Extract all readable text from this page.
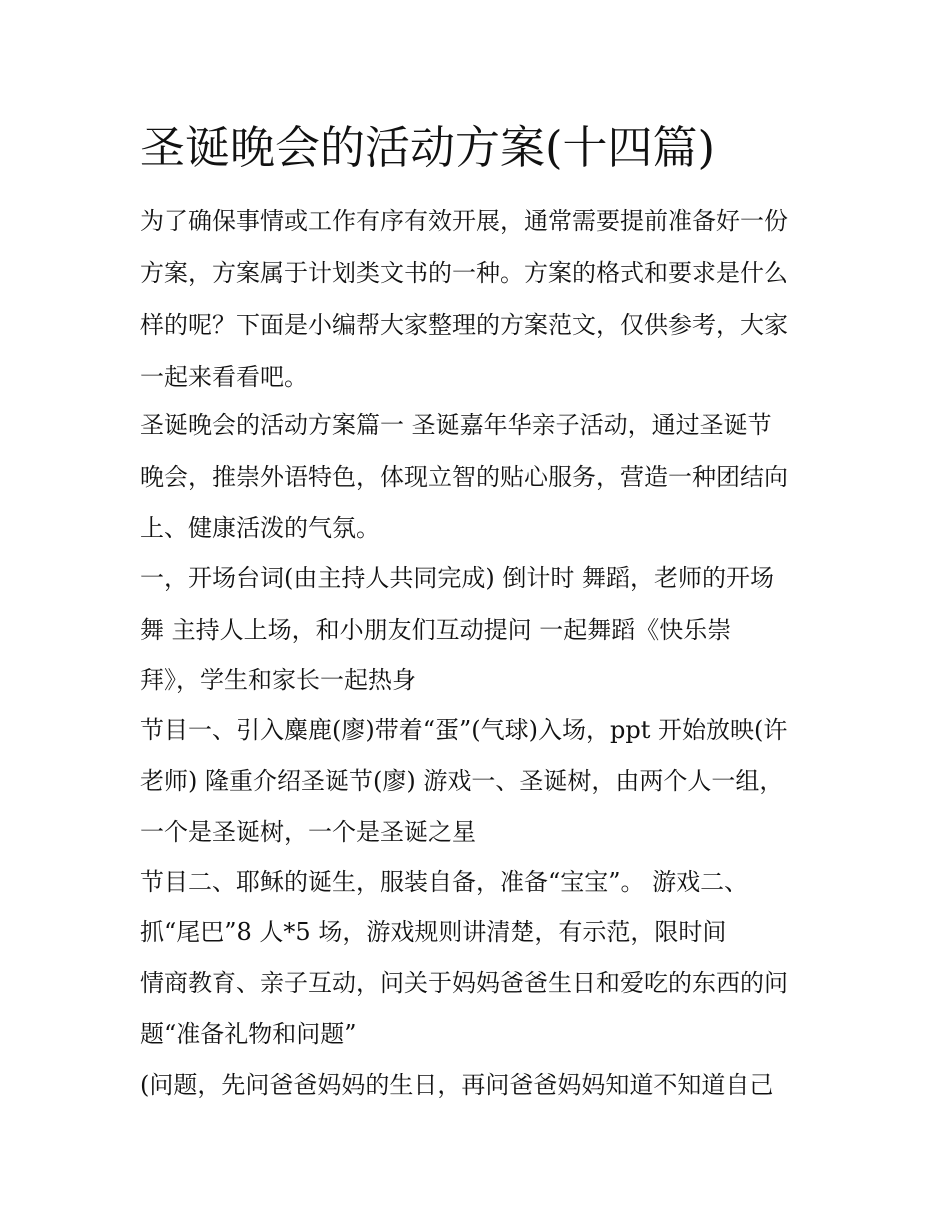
圣诞晚会的活动方案(十四篇)
为了确保事情或工作有序有效开展，通常需要提前准备好一份
方案，方案属于计划类文书的一种。方案的格式和要求是什么
样的呢？下面是小编帮大家整理的方案范文，仅供参考，大家
一起来看看吧。
圣诞晚会的活动方案篇一 圣诞嘉年华亲子活动，通过圣诞节
晚会，推崇外语特色，体现立智的贴心服务，营造一种团结向
上、健康活泼的气氛。
一，开场台词(由主持人共同完成) 倒计时 舞蹈，老师的开场
舞 主持人上场，和小朋友们互动提问 一起舞蹈《快乐崇
拜》，学生和家长一起热身
节目一、引入麋鹿(廖)带着“蛋”(气球)入场，ppt 开始放映(许
老师) 隆重介绍圣诞节(廖) 游戏一、圣诞树，由两个人一组，
一个是圣诞树，一个是圣诞之星
节目二、耶稣的诞生，服装自备，准备“宝宝”。 游戏二、
抓“尾巴”8 人*5 场，游戏规则讲清楚，有示范，限时间
情商教育、亲子互动，问关于妈妈爸爸生日和爱吃的东西的问
题“准备礼物和问题”
(问题，先问爸爸妈妈的生日，再问爸爸妈妈知道不知道自己
